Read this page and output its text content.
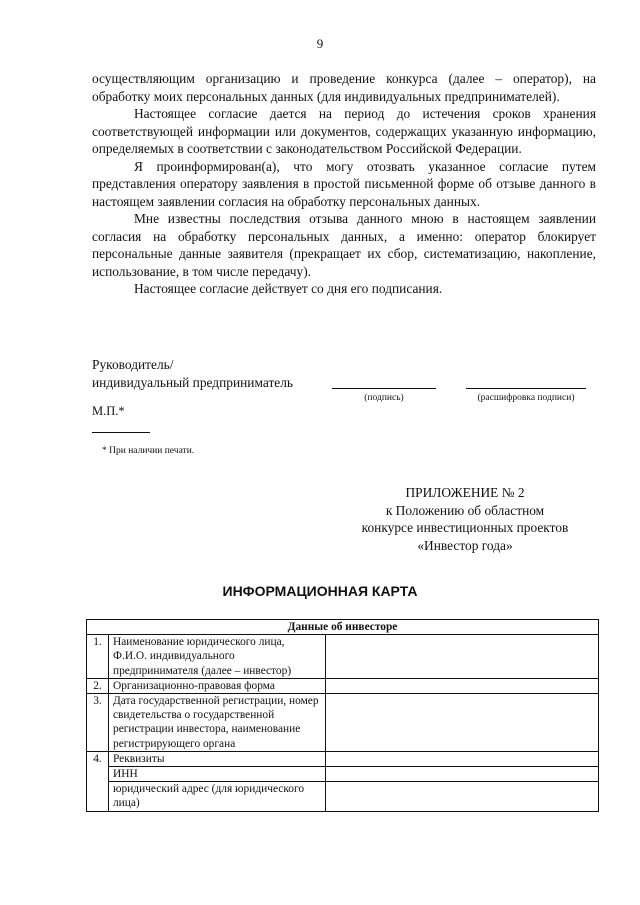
9

осуществляющим организацию и проведение конкурса (далее – оператор), на обработку моих персональных данных (для индивидуальных предпринимателей).

Настоящее согласие дается на период до истечения сроков хранения соответствующей информации или документов, содержащих указанную информацию, определяемых в соответствии с законодательством Российской Федерации.

Я проинформирован(а), что могу отозвать указанное согласие путем представления оператору заявления в простой письменной форме об отзыве данного в настоящем заявлении согласия на обработку персональных данных.

Мне известны последствия отзыва данного мною в настоящем заявлении согласия на обработку персональных данных, а именно: оператор блокирует персональные данные заявителя (прекращает их сбор, систематизацию, накопление, использование, в том числе передачу).

Настоящее согласие действует со дня его подписания.

Руководитель/
индивидуальный предприниматель
(подпись)	(расшифровка подписи)
М.П.*
* При наличии печати.
ПРИЛОЖЕНИЕ № 2
к Положению об областном
конкурсе инвестиционных проектов
«Инвестор года»
ИНФОРМАЦИОННАЯ КАРТА
Данные об инвесторе		
1.	Наименование юридического лица, Ф.И.О. индивидуального предпринимателя (далее – инвестор)	
2.	Организационно-правовая форма	
3.	Дата государственной регистрации, номер свидетельства о государственной регистрации инвестора, наименование регистрирующего органа	
4.	Реквизиты	
	ИНН	
	юридический адрес (для юридического лица)	
